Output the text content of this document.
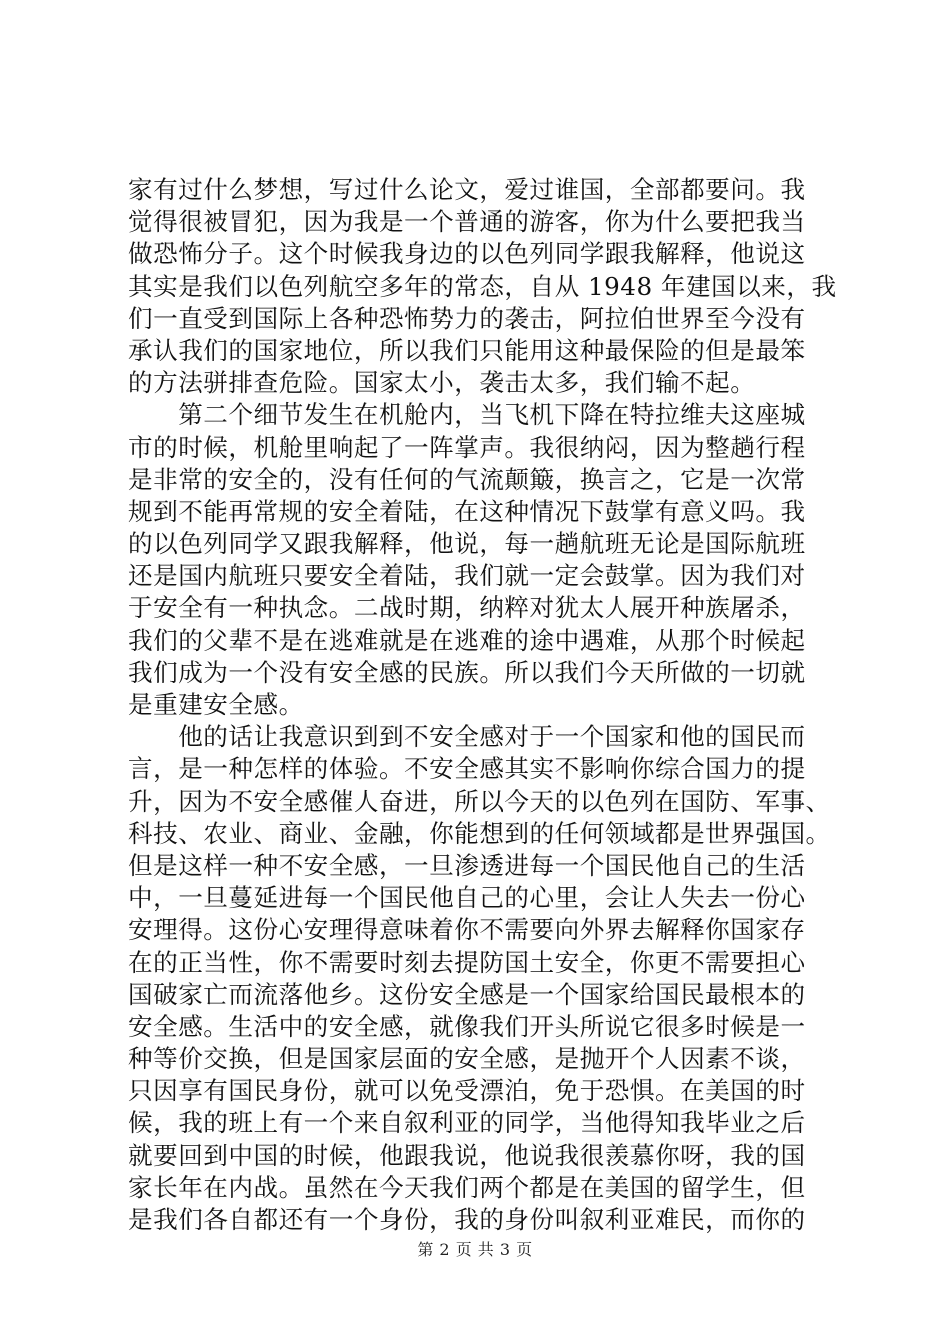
家有过什么梦想，写过什么论文，爱过谁国，全部都要问。我
觉得很被冒犯，因为我是一个普通的游客，你为什么要把我当
做恐怖分子。这个时候我身边的以色列同学跟我解释，他说这
其实是我们以色列航空多年的常态，自从 1948 年建国以来，我
们一直受到国际上各种恐怖势力的袭击，阿拉伯世界至今没有
承认我们的国家地位，所以我们只能用这种最保险的但是最笨
的方法骈排查危险。国家太小，袭击太多，我们输不起。
　　第二个细节发生在机舱内，当飞机下降在特拉维夫这座城
市的时候，机舱里响起了一阵掌声。我很纳闷，因为整趟行程
是非常的安全的，没有任何的气流颠簸，换言之，它是一次常
规到不能再常规的安全着陆，在这种情况下鼓掌有意义吗。我
的以色列同学又跟我解释，他说，每一趟航班无论是国际航班
还是国内航班只要安全着陆，我们就一定会鼓掌。因为我们对
于安全有一种执念。二战时期，纳粹对犹太人展开种族屠杀，
我们的父辈不是在逃难就是在逃难的途中遇难，从那个时候起
我们成为一个没有安全感的民族。所以我们今天所做的一切就
是重建安全感。
　　他的话让我意识到到不安全感对于一个国家和他的国民而
言，是一种怎样的体验。不安全感其实不影响你综合国力的提
升，因为不安全感催人奋进，所以今天的以色列在国防、军事、
科技、农业、商业、金融，你能想到的任何领域都是世界强国。
但是这样一种不安全感，一旦渗透进每一个国民他自己的生活
中，一旦蔓延进每一个国民他自己的心里，会让人失去一份心
安理得。这份心安理得意味着你不需要向外界去解释你国家存
在的正当性，你不需要时刻去提防国土安全，你更不需要担心
国破家亡而流落他乡。这份安全感是一个国家给国民最根本的
安全感。生活中的安全感，就像我们开头所说它很多时候是一
种等价交换，但是国家层面的安全感，是抛开个人因素不谈，
只因享有国民身份，就可以免受漂泊，免于恐惧。在美国的时
候，我的班上有一个来自叙利亚的同学，当他得知我毕业之后
就要回到中国的时候，他跟我说，他说我很羡慕你呀，我的国
家长年在内战。虽然在今天我们两个都是在美国的留学生，但
是我们各自都还有一个身份，我的身份叫叙利亚难民，而你的
第 2 页 共 3 页
